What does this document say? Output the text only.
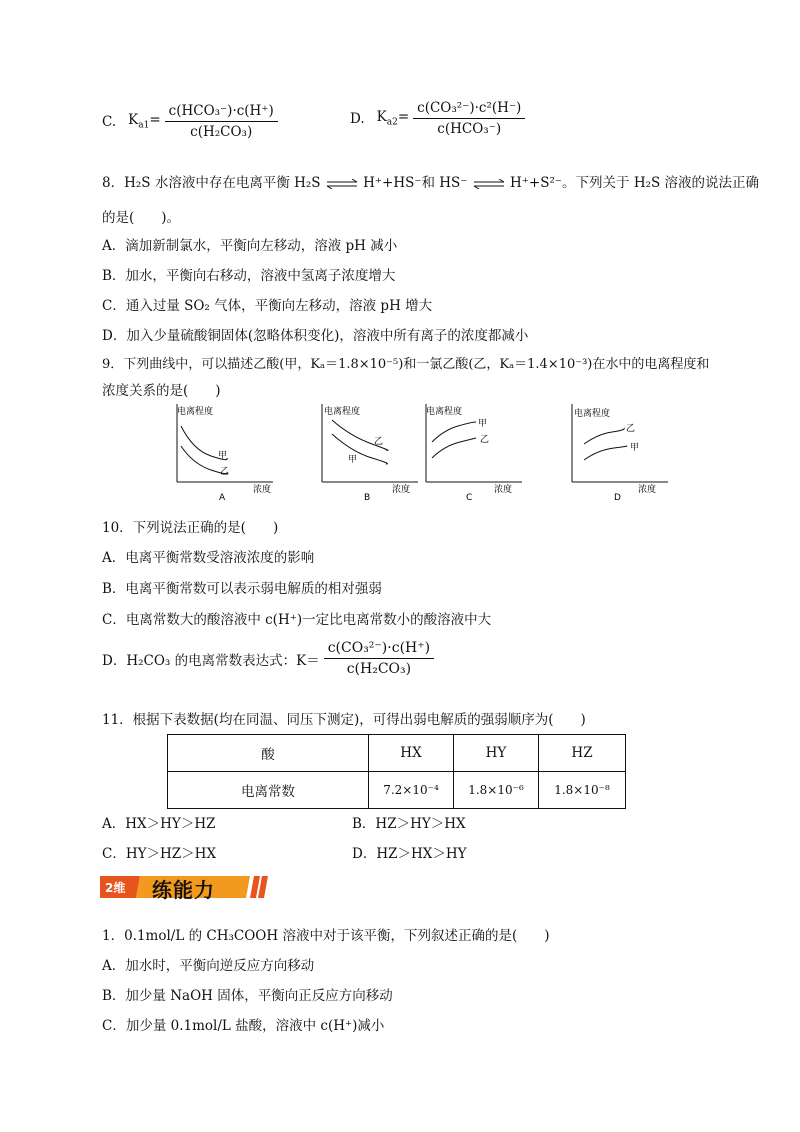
C. $K_{a1}= \frac{\text{c(HCO₃⁻)·c(H⁺)}}{\text{c(H₂CO₃)}}$	D. $K_{a2}= \frac{\text{c(CO₃²⁻)·c²(H⁻)}}{\text{c(HCO₃⁻)}}$
8．H₂S 水溶液中存在电离平衡 H₂S ⇌ H⁺+HS⁻和 HS⁻ ⇌ H⁺+S²⁻。下列关于 H₂S 溶液的说法正确
的是(　　)。
A．滴加新制氯水，平衡向左移动，溶液 pH 减小
B．加水，平衡向右移动，溶液中氢离子浓度增大
C．通入过量 SO₂ 气体，平衡向左移动，溶液 pH 增大
D．加入少量硫酸铜固体(忽略体积变化)，溶液中所有离子的浓度都减小
9．下列曲线中，可以描述乙酸(甲，Kₐ＝1.8×10⁻⁵)和一氯乙酸(乙，Kₐ＝1.4×10⁻³)在水中的电离程度和
浓度关系的是(　　)
电离程度
浓度
甲
乙
A
电离程度
浓度
乙
甲
B
电离程度
浓度
甲
乙
C
电离程度
浓度
乙
甲
D
10．下列说法正确的是(　　)
A．电离平衡常数受溶液浓度的影响
B．电离平衡常数可以表示弱电解质的相对强弱
C．电离常数大的酸溶液中 c(H⁺)一定比电离常数小的酸溶液中大
D．H₂CO₃ 的电离常数表达式：$K= \frac{\text{c(CO₃²⁻)·c(H⁺)}}{\text{c(H₂CO₃)}}$
11．根据下表数据(均在同温、同压下测定)，可得出弱电解质的强弱顺序为(　　)
酸	HX	HY	HZ
电离常数	7.2×10⁻⁴	1.8×10⁻⁶	1.8×10⁻⁸
A．HX＞HY＞HZ	B．HZ＞HY＞HX
C．HY＞HZ＞HX	D．HZ＞HX＞HY
2维 练能力
1．0.1mol/L 的 CH₃COOH 溶液中对于该平衡，下列叙述正确的是(　　)
A．加水时，平衡向逆反应方向移动
B．加少量 NaOH 固体，平衡向正反应方向移动
C．加少量 0.1mol/L 盐酸，溶液中 c(H⁺)减小
